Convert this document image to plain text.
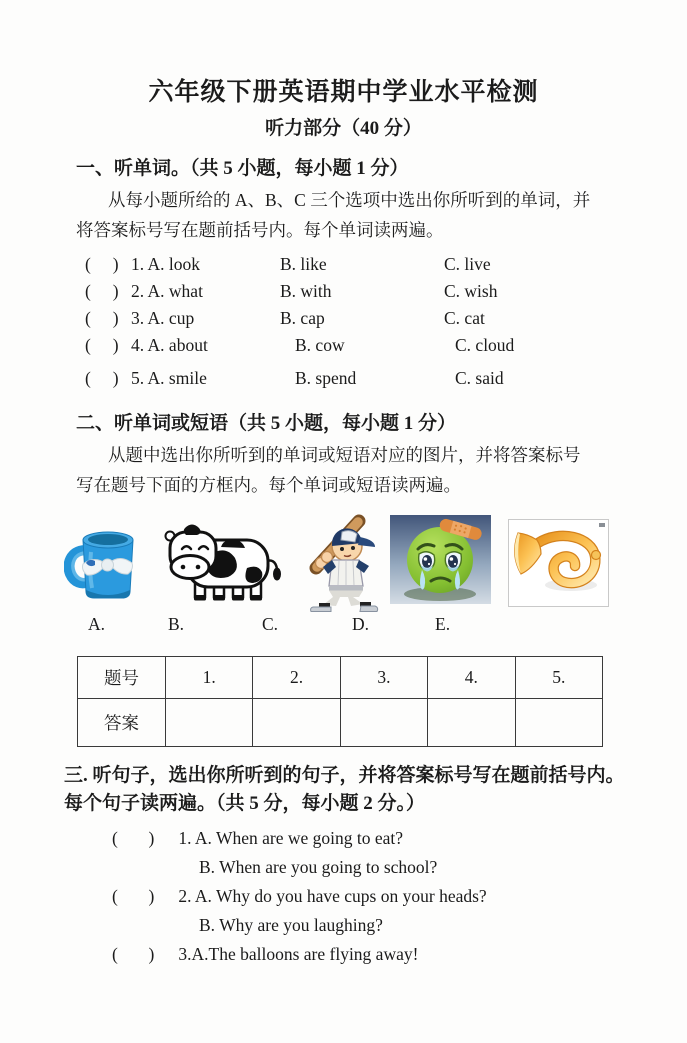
六年级下册英语期中学业水平检测
听力部分（40 分）
一、听单词。（共 5 小题，每小题 1 分）
从每小题所给的 A、B、C 三个选项中选出你所听到的单词，并
将答案标号写在题前括号内。每个单词读两遍。
(     ) 1. A. look	B. like	C. live
(     ) 2. A. what	B. with	C. wish
(     ) 3. A. cup	B. cap	C. cat
(     ) 4. A. about	B. cow	C. cloud
(     ) 5. A. smile	B. spend	C. said
二、听单词或短语（共 5 小题，每小题 1 分）
从题中选出你所听到的单词或短语对应的图片，并将答案标号
写在题号下面的方框内。每个单词或短语读两遍。
A.	B.	C.	D.	E.
题号	1.	2.	3.	4.	5.
答案					
三. 听句子，选出你所听到的句子，并将答案标号写在题前括号内。
每个句子读两遍。（共 5 分，每小题 2 分。）
(       ) 1. A. When are we going to eat?
B. When are you going to school?
(       ) 2. A. Why do you have cups on your heads?
B. Why are you laughing?
(       ) 3.A.The balloons are flying away!
